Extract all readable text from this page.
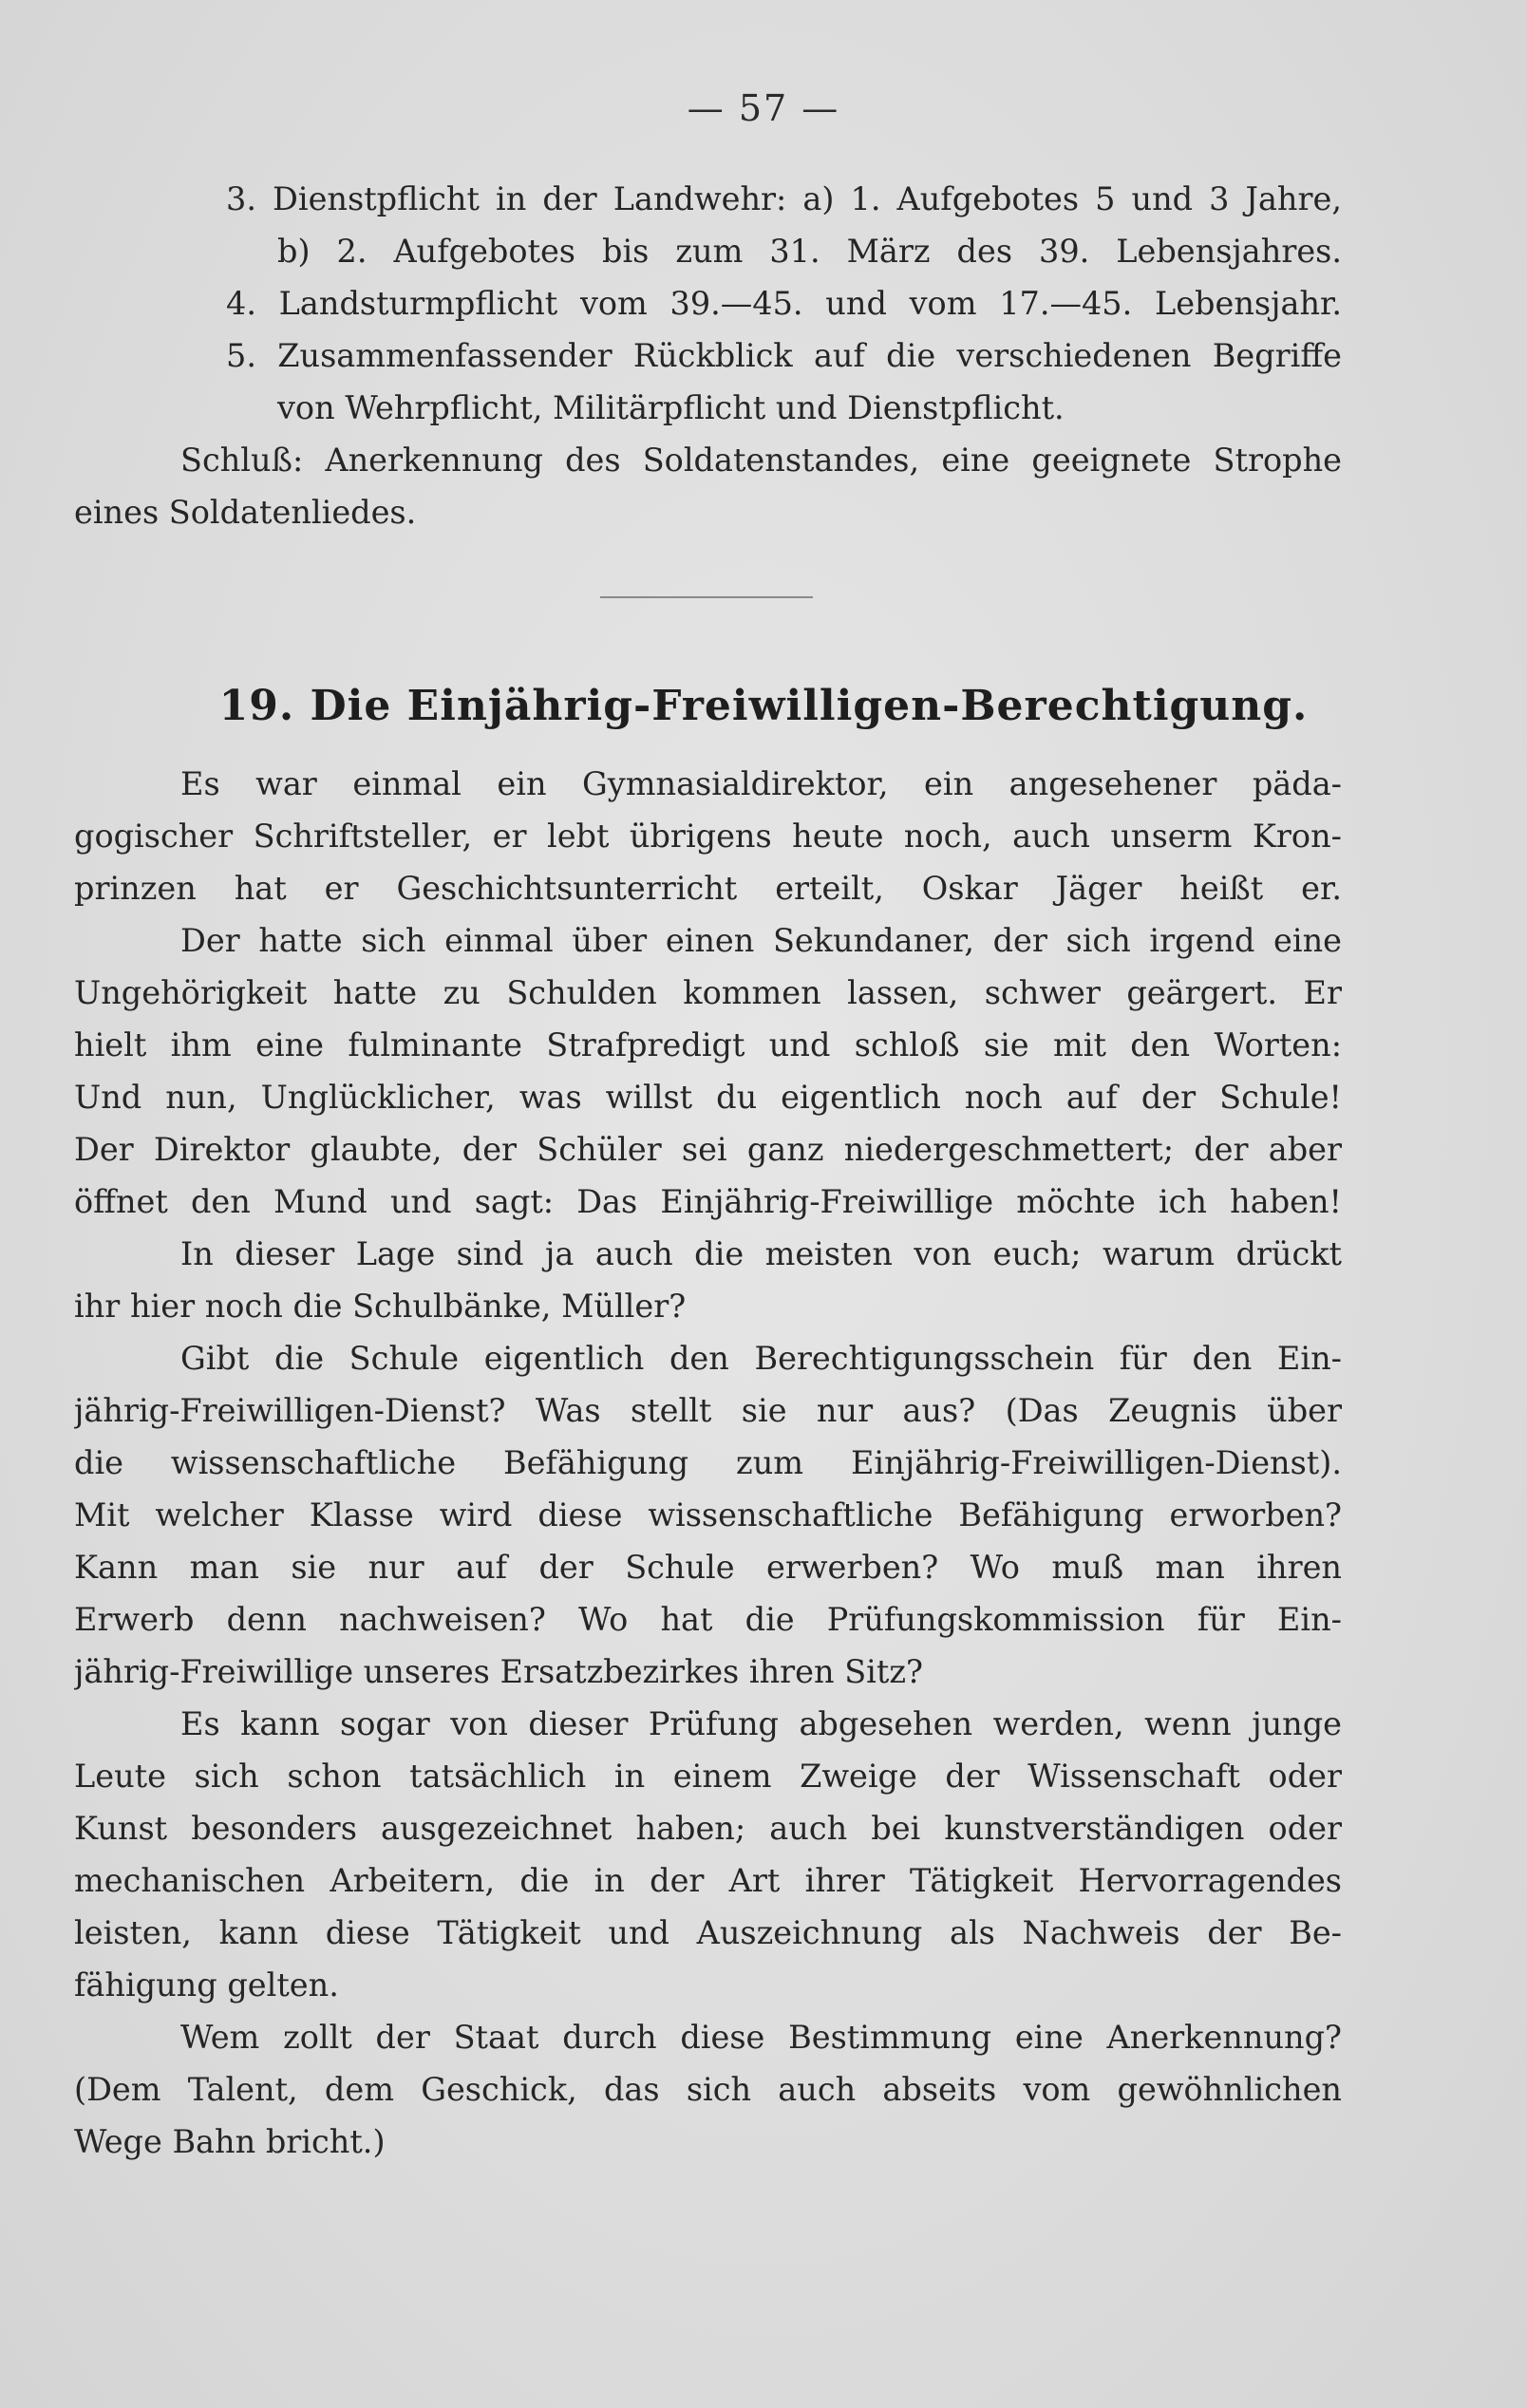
— 57 —
3. Dienstpflicht in der Landwehr: a) 1. Aufgebotes 5 und 3 Jahre,
b) 2. Aufgebotes bis zum 31. März des 39. Lebensjahres.
4. Landsturmpflicht vom 39.—45. und vom 17.—45. Lebensjahr.
5. Zusammenfassender Rückblick auf die verschiedenen Begriffe
von Wehrpflicht, Militärpflicht und Dienstpflicht.
Schluß: Anerkennung des Soldatenstandes, eine geeignete Strophe
eines Soldatenliedes.
19. Die Einjährig-Freiwilligen-Berechtigung.
Es war einmal ein Gymnasialdirektor, ein angesehener päda-
gogischer Schriftsteller, er lebt übrigens heute noch, auch unserm Kron-
prinzen hat er Geschichtsunterricht erteilt, Oskar Jäger heißt er.
Der hatte sich einmal über einen Sekundaner, der sich irgend eine
Ungehörigkeit hatte zu Schulden kommen lassen, schwer geärgert. Er
hielt ihm eine fulminante Strafpredigt und schloß sie mit den Worten:
Und nun, Unglücklicher, was willst du eigentlich noch auf der Schule!
Der Direktor glaubte, der Schüler sei ganz niedergeschmettert; der aber
öffnet den Mund und sagt: Das Einjährig-Freiwillige möchte ich haben!
In dieser Lage sind ja auch die meisten von euch; warum drückt
ihr hier noch die Schulbänke, Müller?
Gibt die Schule eigentlich den Berechtigungsschein für den Ein-
jährig-Freiwilligen-Dienst? Was stellt sie nur aus? (Das Zeugnis über
die wissenschaftliche Befähigung zum Einjährig-Freiwilligen-Dienst).
Mit welcher Klasse wird diese wissenschaftliche Befähigung erworben?
Kann man sie nur auf der Schule erwerben? Wo muß man ihren
Erwerb denn nachweisen? Wo hat die Prüfungskommission für Ein-
jährig-Freiwillige unseres Ersatzbezirkes ihren Sitz?
Es kann sogar von dieser Prüfung abgesehen werden, wenn junge
Leute sich schon tatsächlich in einem Zweige der Wissenschaft oder
Kunst besonders ausgezeichnet haben; auch bei kunstverständigen oder
mechanischen Arbeitern, die in der Art ihrer Tätigkeit Hervorragendes
leisten, kann diese Tätigkeit und Auszeichnung als Nachweis der Be-
fähigung gelten.
Wem zollt der Staat durch diese Bestimmung eine Anerkennung?
(Dem Talent, dem Geschick, das sich auch abseits vom gewöhnlichen
Wege Bahn bricht.)
